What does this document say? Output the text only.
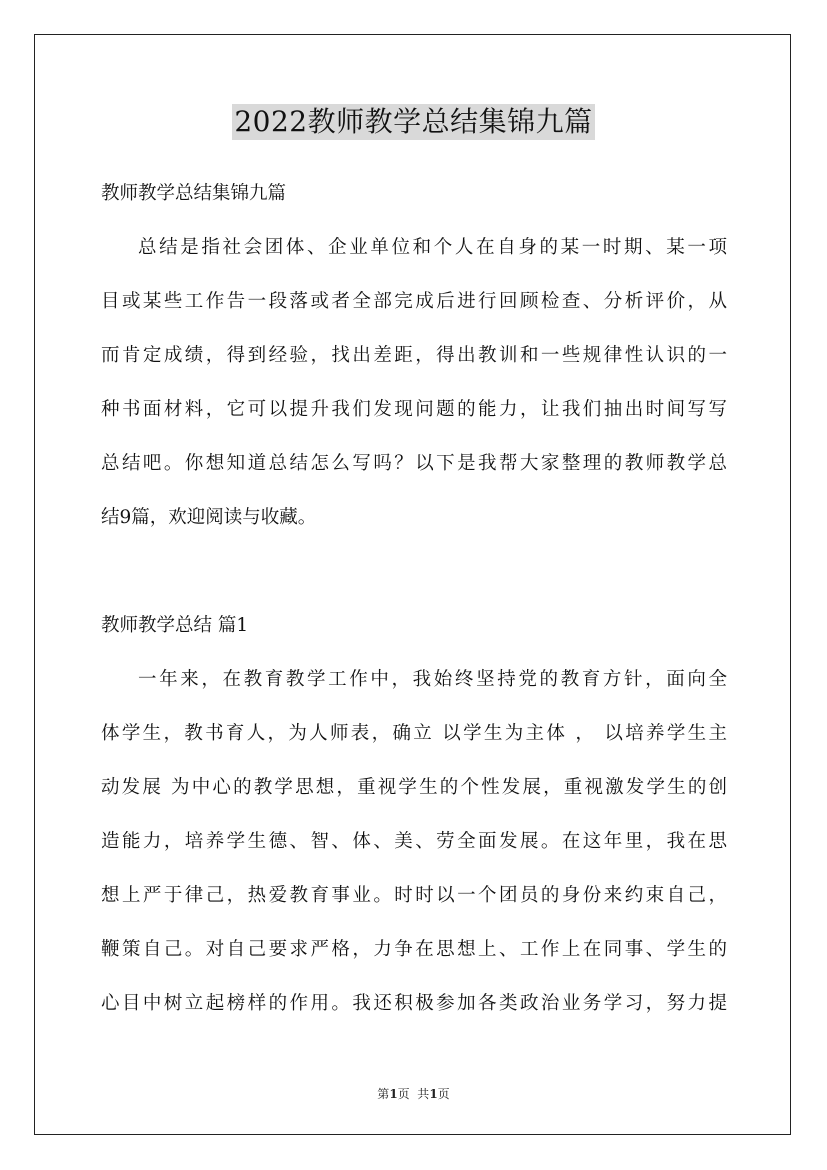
2022教师教学总结集锦九篇
教师教学总结集锦九篇
总结是指社会团体、企业单位和个人在自身的某一时期、某一项
目或某些工作告一段落或者全部完成后进行回顾检查、分析评价，从
而肯定成绩，得到经验，找出差距，得出教训和一些规律性认识的一
种书面材料，它可以提升我们发现问题的能力，让我们抽出时间写写
总结吧。你想知道总结怎么写吗？以下是我帮大家整理的教师教学总
结9篇，欢迎阅读与收藏。
教师教学总结 篇1
一年来，在教育教学工作中，我始终坚持党的教育方针，面向全
体学生，教书育人，为人师表，确立 以学生为主体 ， 以培养学生主
动发展 为中心的教学思想，重视学生的个性发展，重视激发学生的创
造能力，培养学生德、智、体、美、劳全面发展。在这年里，我在思
想上严于律己，热爱教育事业。时时以一个团员的身份来约束自己，
鞭策自己。对自己要求严格，力争在思想上、工作上在同事、学生的
心目中树立起榜样的作用。我还积极参加各类政治业务学习，努力提
第1页  共1页
